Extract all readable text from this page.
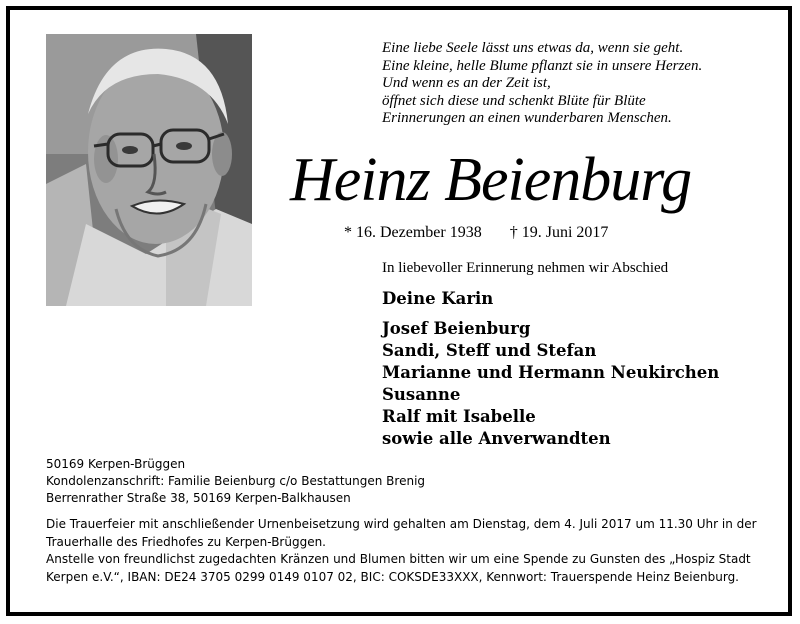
Eine liebe Seele lässt uns etwas da, wenn sie geht.
Eine kleine, helle Blume pflanzt sie in unsere Herzen.
Und wenn es an der Zeit ist,
öffnet sich diese und schenkt Blüte für Blüte
Erinnerungen an einen wunderbaren Menschen.
Heinz Beienburg
* 16. Dezember 1938 † 19. Juni 2017
In liebevoller Erinnerung nehmen wir Abschied
Deine Karin
Josef Beienburg
Sandi, Steff und Stefan
Marianne und Hermann Neukirchen
Susanne
Ralf mit Isabelle
sowie alle Anverwandten
50169 Kerpen-Brüggen
Kondolenzanschrift: Familie Beienburg c/o Bestattungen Brenig
Berrenrather Straße 38, 50169 Kerpen-Balkhausen
Die Trauerfeier mit anschließender Urnenbeisetzung wird gehalten am Dienstag, dem 4. Juli 2017 um 11.30 Uhr in der
Trauerhalle des Friedhofes zu Kerpen-Brüggen.
Anstelle von freundlichst zugedachten Kränzen und Blumen bitten wir um eine Spende zu Gunsten des „Hospiz Stadt
Kerpen e.V.“, IBAN: DE24 3705 0299 0149 0107 02, BIC: COKSDE33XXX, Kennwort: Trauerspende Heinz Beienburg.
